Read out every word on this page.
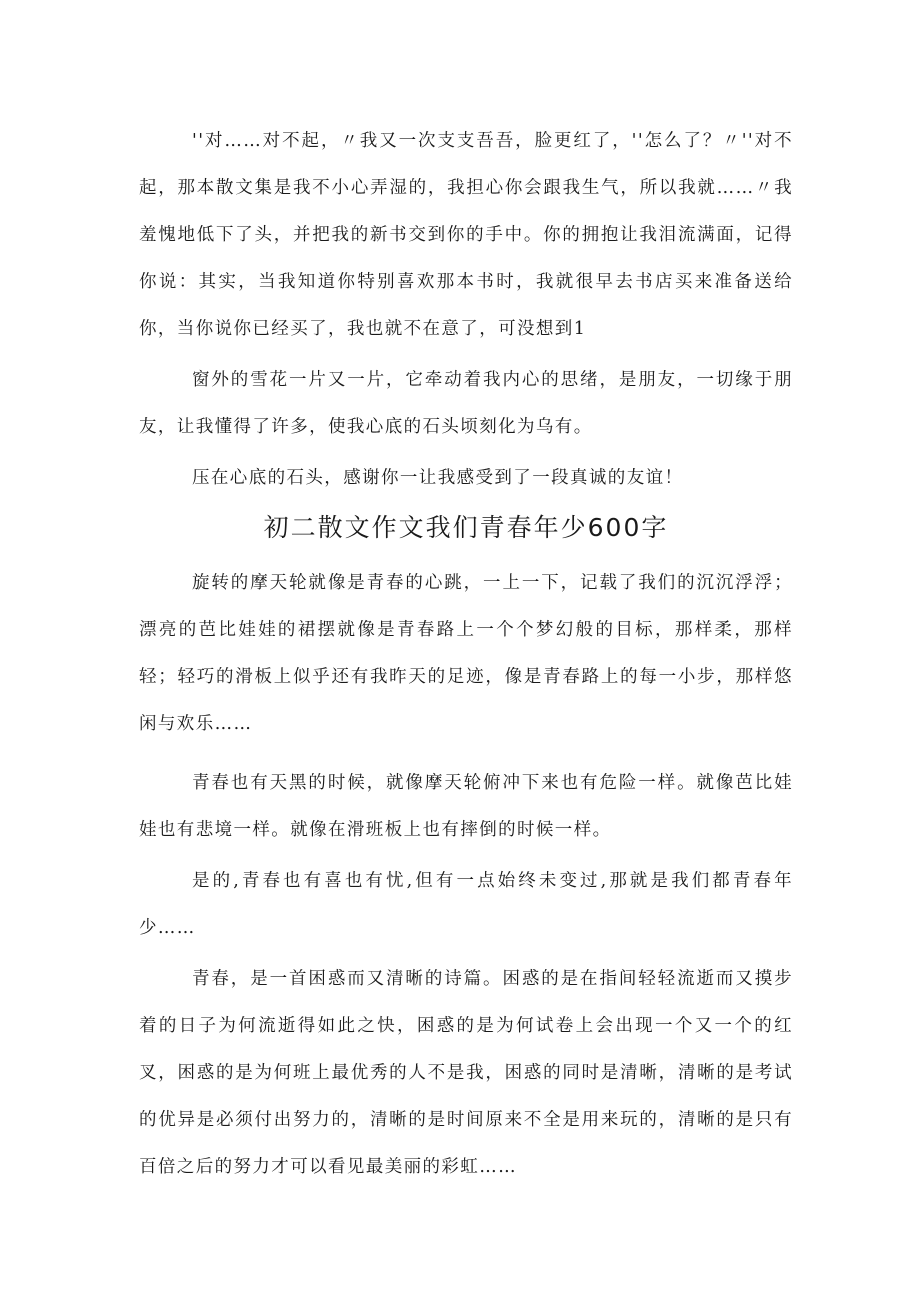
''对……对不起，〃我又一次支支吾吾，脸更红了，''怎么了？〃''对不起，那本散文集是我不小心弄湿的，我担心你会跟我生气，所以我就……〃我羞愧地低下了头，并把我的新书交到你的手中。你的拥抱让我泪流满面，记得你说：其实，当我知道你特别喜欢那本书时，我就很早去书店买来准备送给你，当你说你已经买了，我也就不在意了，可没想到1

窗外的雪花一片又一片，它牵动着我内心的思绪，是朋友，一切缘于朋友，让我懂得了许多，使我心底的石头顷刻化为乌有。

压在心底的石头，感谢你一让我感受到了一段真诚的友谊！

初二散文作文我们青春年少600字

旋转的摩天轮就像是青春的心跳，一上一下，记载了我们的沉沉浮浮；漂亮的芭比娃娃的裙摆就像是青春路上一个个梦幻般的目标，那样柔，那样轻；轻巧的滑板上似乎还有我昨天的足迹，像是青春路上的每一小步，那样悠闲与欢乐……

青春也有天黑的时候，就像摩天轮俯冲下来也有危险一样。就像芭比娃娃也有悲境一样。就像在滑班板上也有摔倒的时候一样。

是的,青春也有喜也有忧,但有一点始终未变过,那就是我们都青春年少……

青春，是一首困惑而又清晰的诗篇。困惑的是在指间轻轻流逝而又摸步着的日子为何流逝得如此之快，困惑的是为何试卷上会出现一个又一个的红叉，困惑的是为何班上最优秀的人不是我，困惑的同时是清晰，清晰的是考试的优异是必须付出努力的，清晰的是时间原来不全是用来玩的，清晰的是只有百倍之后的努力才可以看见最美丽的彩虹……
